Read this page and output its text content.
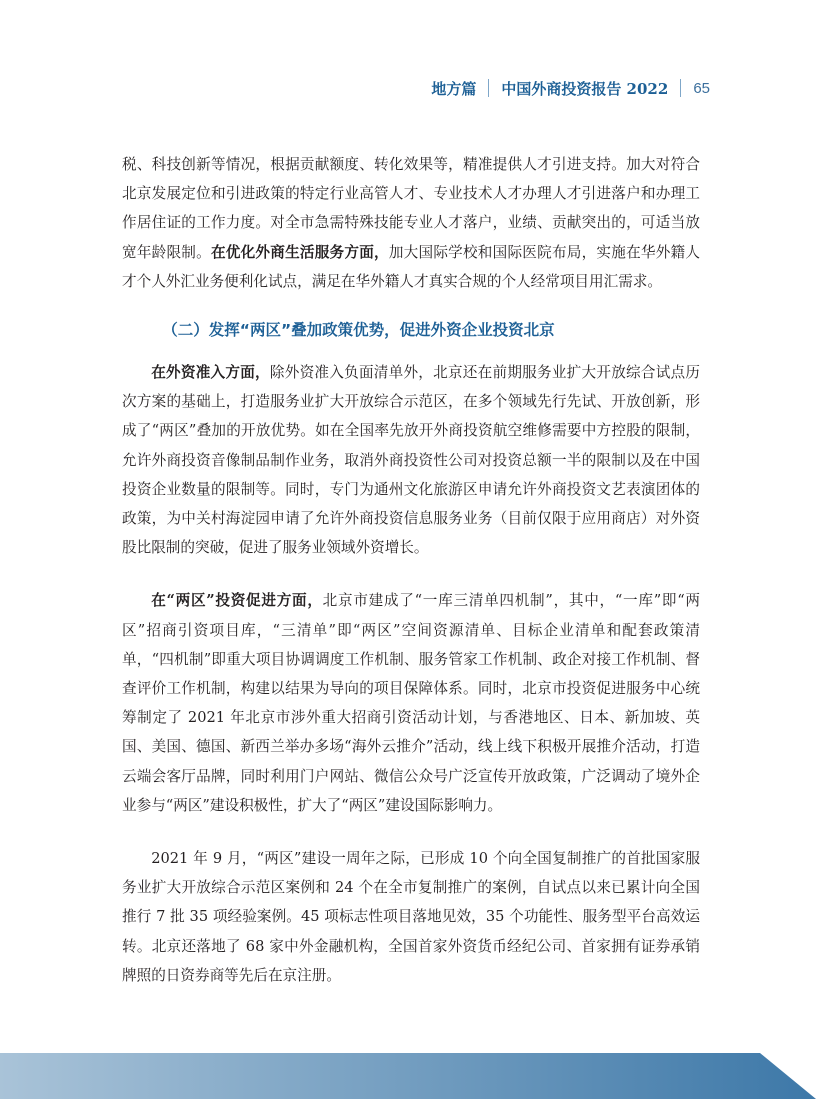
地方篇 中国外商投资报告 2022 65

税、科技创新等情况，根据贡献额度、转化效果等，精准提供人才引进支持。加大对符合北京发展定位和引进政策的特定行业高管人才、专业技术人才办理人才引进落户和办理工作居住证的工作力度。对全市急需特殊技能专业人才落户，业绩、贡献突出的，可适当放宽年龄限制。在优化外商生活服务方面，加大国际学校和国际医院布局，实施在华外籍人才个人外汇业务便利化试点，满足在华外籍人才真实合规的个人经常项目用汇需求。

（二）发挥“两区”叠加政策优势，促进外资企业投资北京

在外资准入方面，除外资准入负面清单外，北京还在前期服务业扩大开放综合试点历次方案的基础上，打造服务业扩大开放综合示范区，在多个领域先行先试、开放创新，形成了“两区”叠加的开放优势。如在全国率先放开外商投资航空维修需要中方控股的限制，允许外商投资音像制品制作业务，取消外商投资性公司对投资总额一半的限制以及在中国投资企业数量的限制等。同时，专门为通州文化旅游区申请允许外商投资文艺表演团体的政策，为中关村海淀园申请了允许外商投资信息服务业务（目前仅限于应用商店）对外资股比限制的突破，促进了服务业领域外资增长。

在“两区”投资促进方面，北京市建成了“一库三清单四机制”，其中，“一库”即“两区”招商引资项目库，“三清单”即“两区”空间资源清单、目标企业清单和配套政策清单，“四机制”即重大项目协调调度工作机制、服务管家工作机制、政企对接工作机制、督查评价工作机制，构建以结果为导向的项目保障体系。同时，北京市投资促进服务中心统筹制定了 2021 年北京市涉外重大招商引资活动计划，与香港地区、日本、新加坡、英国、美国、德国、新西兰举办多场“海外云推介”活动，线上线下积极开展推介活动，打造云端会客厅品牌，同时利用门户网站、微信公众号广泛宣传开放政策，广泛调动了境外企业参与“两区”建设积极性，扩大了“两区”建设国际影响力。

2021 年 9 月，“两区”建设一周年之际，已形成 10 个向全国复制推广的首批国家服务业扩大开放综合示范区案例和 24 个在全市复制推广的案例，自试点以来已累计向全国推行 7 批 35 项经验案例。45 项标志性项目落地见效，35 个功能性、服务型平台高效运转。北京还落地了 68 家中外金融机构，全国首家外资货币经纪公司、首家拥有证券承销牌照的日资券商等先后在京注册。
